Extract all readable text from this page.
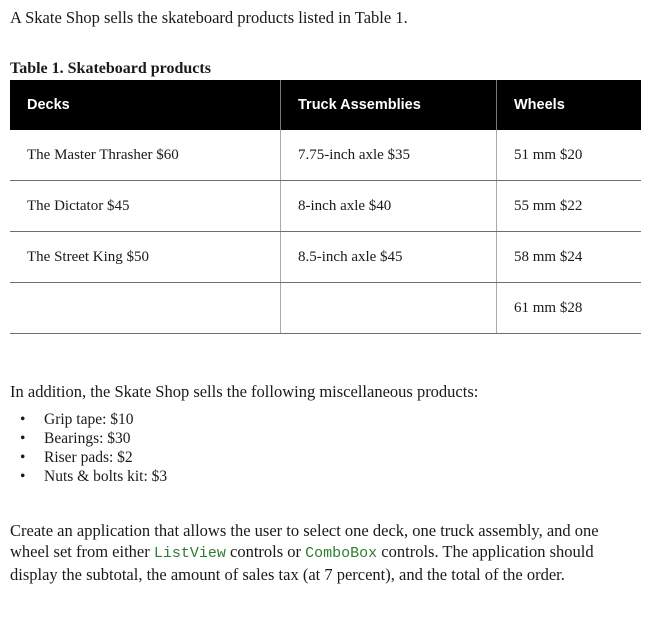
A Skate Shop sells the skateboard products listed in Table 1.
Table 1. Skateboard products
Decks	Truck Assemblies	Wheels
The Master Thrasher $60	7.75-inch axle $35	51 mm $20
The Dictator $45	8-inch axle $40	55 mm $22
The Street King $50	8.5-inch axle $45	58 mm $24
		61 mm $28
In addition, the Skate Shop sells the following miscellaneous products:
• Grip tape: $10
• Bearings: $30
• Riser pads: $2
• Nuts & bolts kit: $3
Create an application that allows the user to select one deck, one truck assembly, and one wheel set from either ListView controls or ComboBox controls. The application should display the subtotal, the amount of sales tax (at 7 percent), and the total of the order.
